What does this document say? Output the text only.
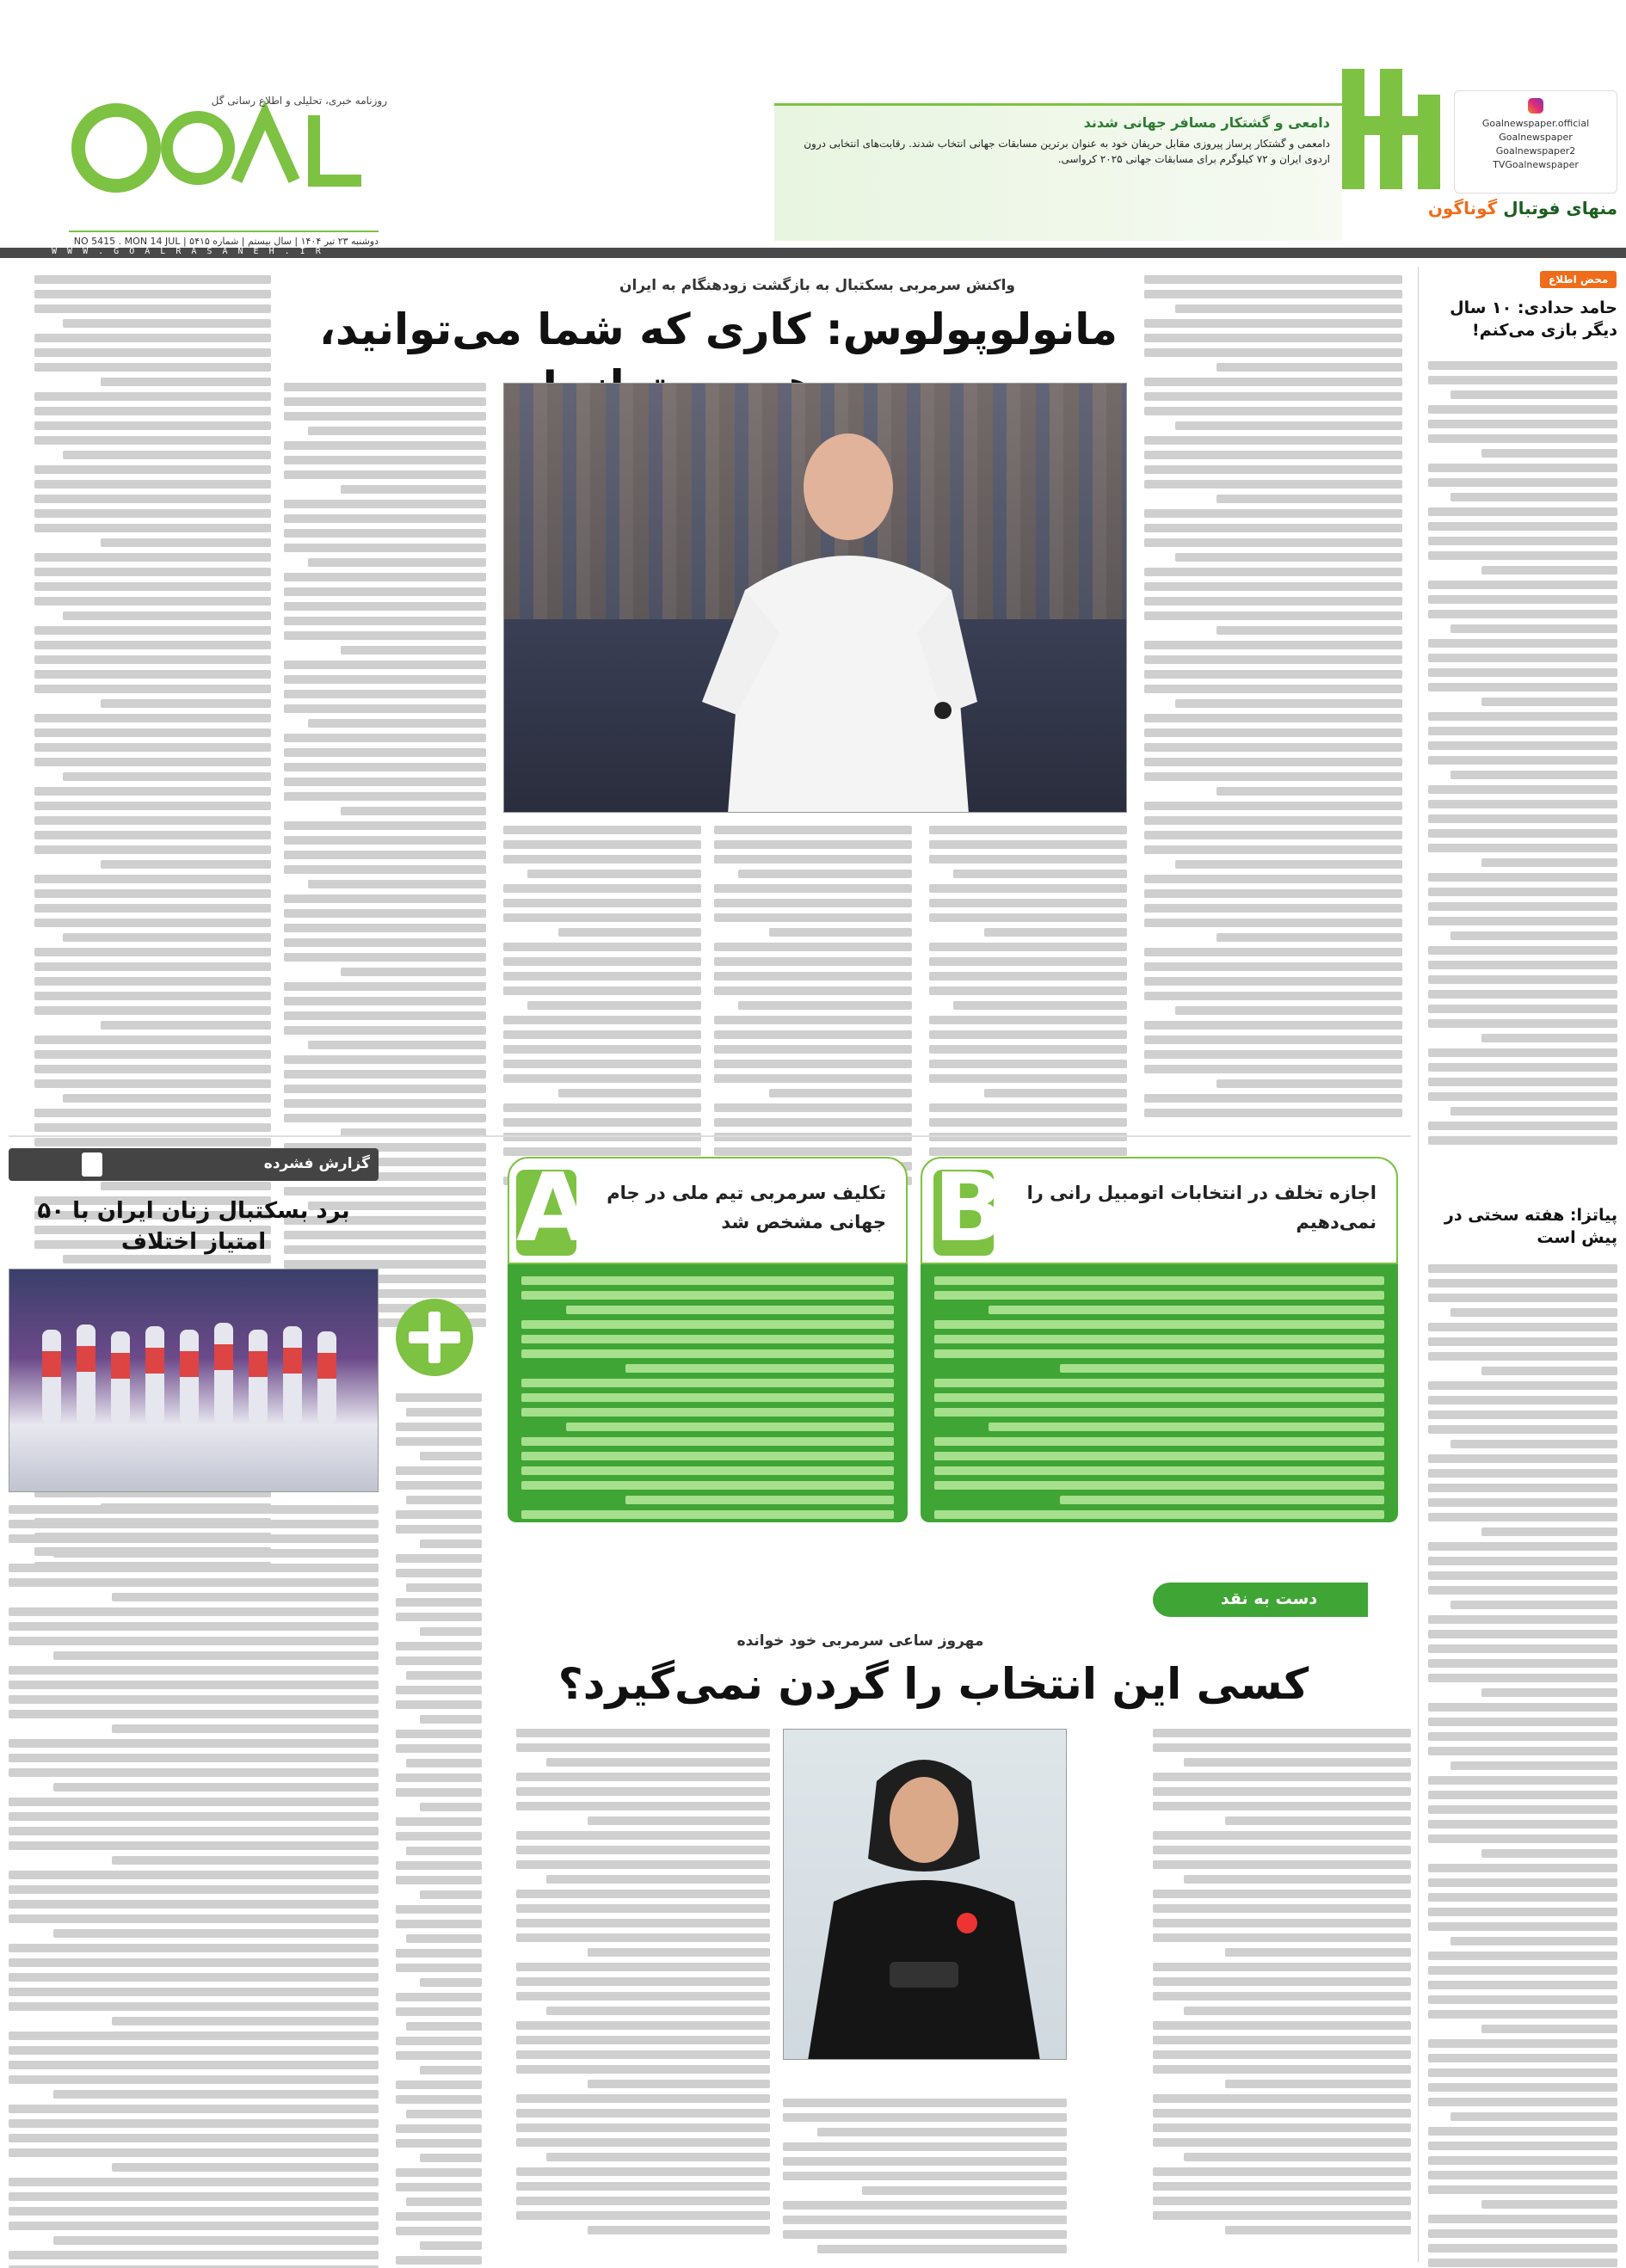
روزنامه خبری، تحلیلی و اطلاع رسانی گل
دوشنبه ۲۳ تیر ۱۴۰۴ | سال بیستم | شماره ۵۴۱۵ | NO 5415 . MON 14 JUL
W W W . G O A L R A S A N E H . I R
دامعی و گشتکار مسافر جهانی شدند
دامعمی و گشتکار پرساز پیروزی مقابل حریفان خود به عنوان برترین مسابقات جهانی انتخاب شدند. رقابت‌های انتخابی درون اردوی ایران و ۷۲ کیلوگرم برای مسابقات جهانی ۲۰۲۵ کرواسی.
منهای فوتبال گوناگون
Goalnewspaper.official
Goalnewspaper
Goalnewspaper2
TVGoalnewspaper
محض اطلاع
حامد حدادی: ۱۰ سال دیگر بازی می‌کنم!
پیاتزا: هفته سختی در پیش است
واکنش سرمربی بسکتبال به بازگشت زودهنگام به ایران
مانولوپولوس: کاری که شما می‌توانید،
گزارش فشرده
برد بسکتبال زنان ایران با ۵۰ امتیاز اختلاف	A تکلیف سرمربی تیم ملی در جام جهانی مشخص شد B	اجازه تخلف در انتخابات اتومبیل رانی را نمی‌دهیم
دست به نقد
مهروز ساعی سرمربی خود خوانده
کسی این انتخاب را گردن نمی‌گیرد؟
